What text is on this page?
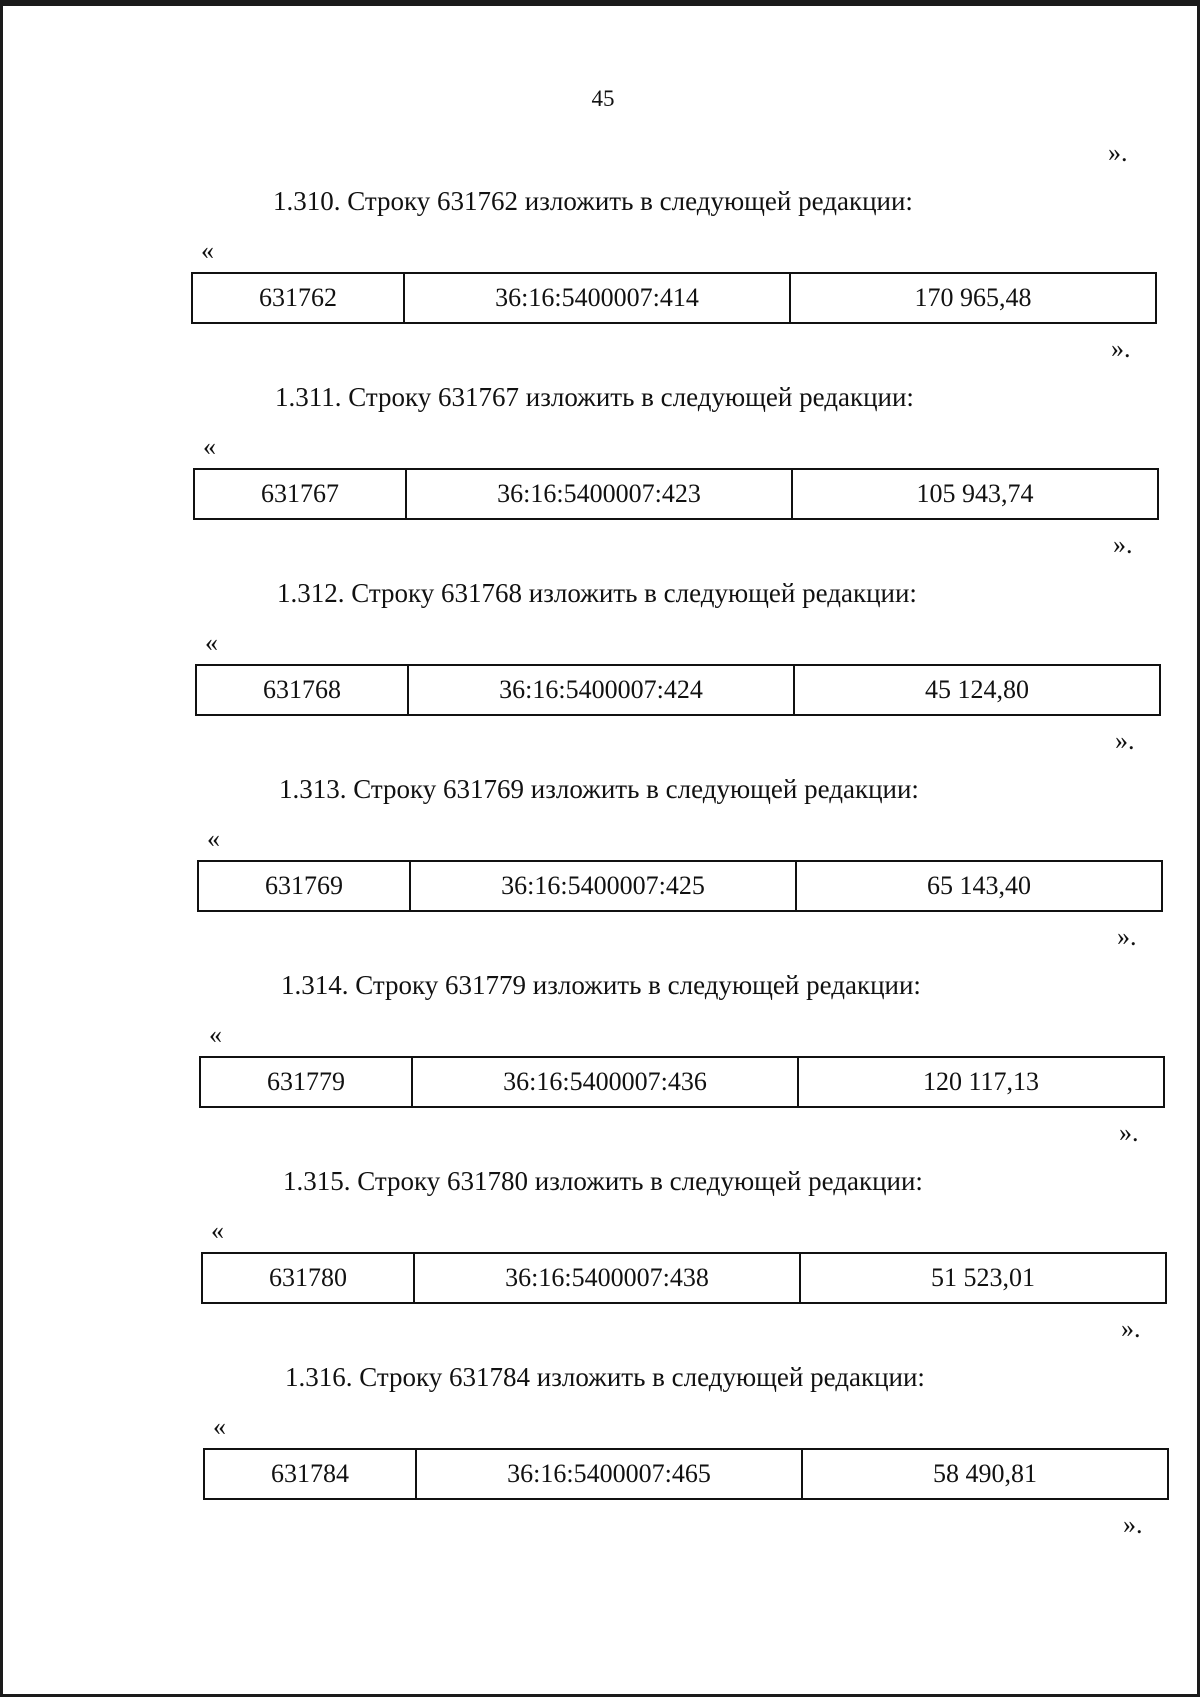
45
».
1.310. Строку 631762 изложить в следующей редакции:
«
631762	36:16:5400007:414	170 965,48
».
1.311. Строку 631767 изложить в следующей редакции:
«
631767	36:16:5400007:423	105 943,74
».
1.312. Строку 631768 изложить в следующей редакции:
«
631768	36:16:5400007:424	45 124,80
».
1.313. Строку 631769 изложить в следующей редакции:
«
631769	36:16:5400007:425	65 143,40
».
1.314. Строку 631779 изложить в следующей редакции:
«
631779	36:16:5400007:436	120 117,13
».
1.315. Строку 631780 изложить в следующей редакции:
«
631780	36:16:5400007:438	51 523,01
».
1.316. Строку 631784 изложить в следующей редакции:
«
631784	36:16:5400007:465	58 490,81
».
